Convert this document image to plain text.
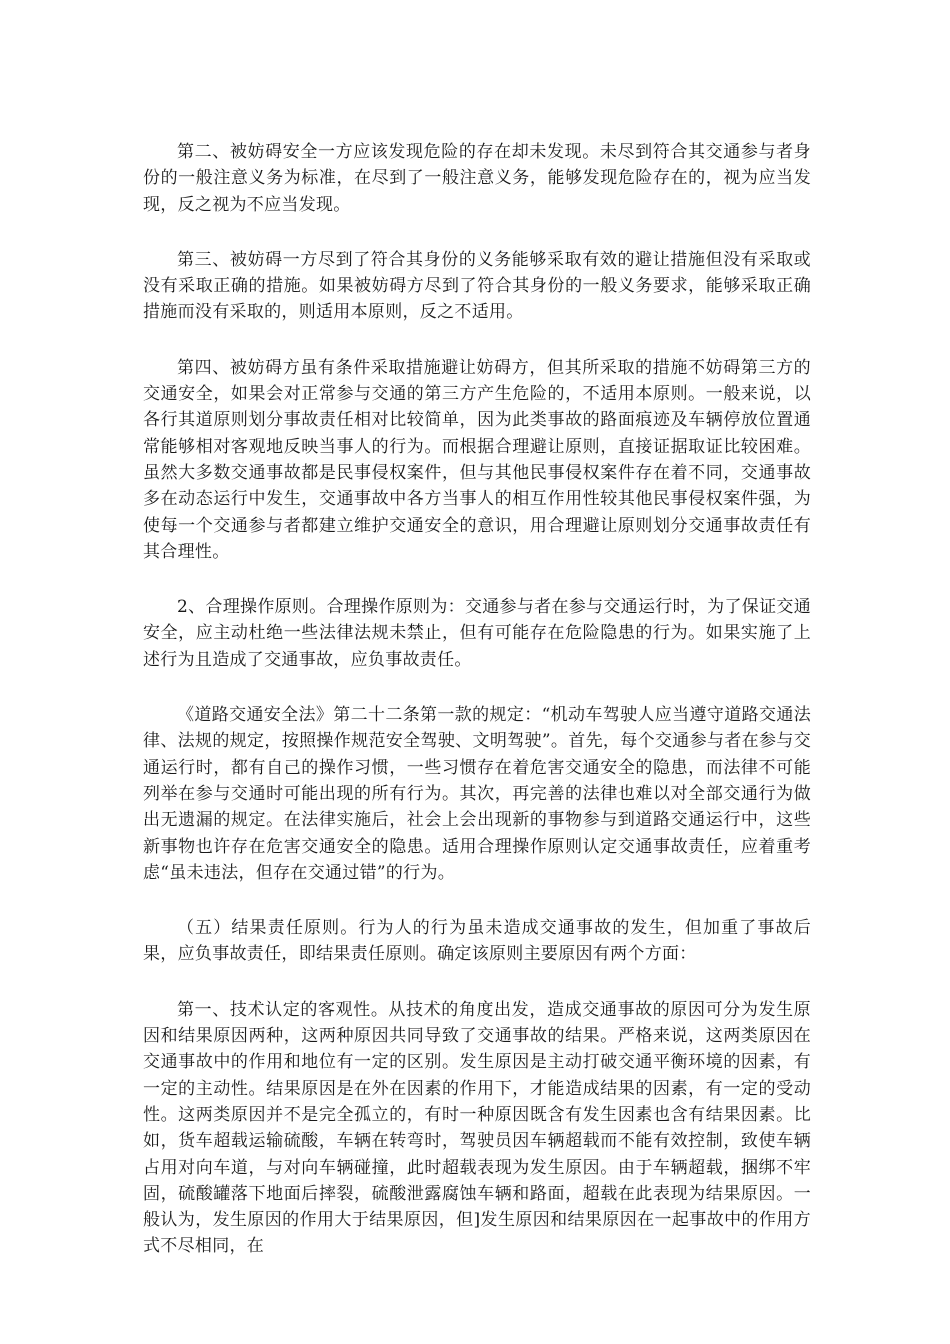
第二、被妨碍安全一方应该发现危险的存在却未发现。未尽到符合其交通参与者身份的一般注意义务为标准，在尽到了一般注意义务，能够发现危险存在的，视为应当发现，反之视为不应当发现。

第三、被妨碍一方尽到了符合其身份的义务能够采取有效的避让措施但没有采取或没有采取正确的措施。如果被妨碍方尽到了符合其身份的一般义务要求，能够采取正确措施而没有采取的，则适用本原则，反之不适用。

第四、被妨碍方虽有条件采取措施避让妨碍方，但其所采取的措施不妨碍第三方的 交通安全，如果会对正常参与交通的第三方产生危险的，不适用本原则。一般来说，以各行其道原则划分事故责任相对比较简单，因为此类事故的路面痕迹及车辆停放位置通常能够相对客观地反映当事人的行为。而根据合理避让原则，直接证据取证比较困难。虽然大多数交通事故都是民事侵权案件，但与其他民事侵权案件存在着不同，交通事故多在动态运行中发生，交通事故中各方当事人的相互作用性较其他民事侵权案件强，为使每一个交通参与者都建立维护交通安全的意识，用合理避让原则划分交通事故责任有其合理性。

2、合理操作原则。合理操作原则为：交通参与者在参与交通运行时，为了保证交通安全，应主动杜绝一些法律法规未禁止，但有可能存在危险隐患的行为。如果实施了上述行为且造成了交通事故，应负事故责任。

《道路交通安全法》第二十二条第一款的规定：“机动车驾驶人应当遵守道路交通法律、法规的规定，按照操作规范安全驾驶、文明驾驶”。首先，每个交通参与者在参与交通运行时，都有自己的操作习惯，一些习惯存在着危害交通安全的隐患，而法律不可能列举在参与交通时可能出现的所有行为。其次，再完善的法律也难以对全部交通行为做出无遗漏的规定。在法律实施后，社会上会出现新的事物参与到道路交通运行中，这些新事物也许存在危害交通安全的隐患。适用合理操作原则认定交通事故责任，应着重考虑“虽未违法，但存在交通过错”的行为。

（五）结果责任原则。行为人的行为虽未造成交通事故的发生，但加重了事故后果，应负事故责任，即结果责任原则。确定该原则主要原因有两个方面：

第一、技术认定的客观性。从技术的角度出发，造成交通事故的原因可分为发生原因和结果原因两种，这两种原因共同导致了交通事故的结果。严格来说，这两类原因在交通事故中的作用和地位有一定的区别。发生原因是主动打破交通平衡环境的因素，有一定的主动性。结果原因是在外在因素的作用下，才能造成结果的因素，有一定的受动性。这两类原因并不是完全孤立的，有时一种原因既含有发生因素也含有结果因素。比如，货车超载运输硫酸，车辆在转弯时，驾驶员因车辆超载而不能有效控制，致使车辆占用对向车道，与对向车辆碰撞，此时超载表现为发生原因。由于车辆超载，捆绑不牢固，硫酸罐落下地面后摔裂，硫酸泄露腐蚀车辆和路面，超载在此表现为结果原因。一般认为，发生原因的作用大于结果原因，但]发生原因和结果原因在一起事故中的作用方式不尽相同，在
